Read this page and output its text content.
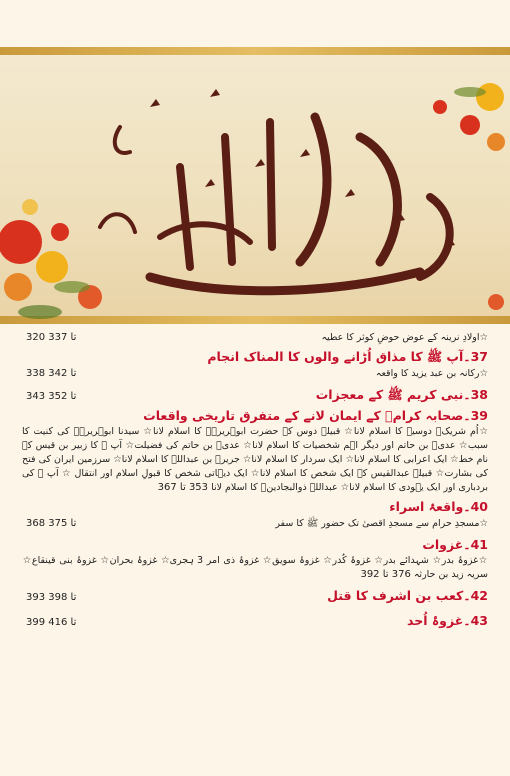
☆اولادِ نرینہ کے عوض حوضِ کوثر کا عطیہ
320 تا 337
37۔آپ ﷺ کا مذاق اُڑانے والوں کا المناک انجام
☆رکانہ بن عبد یزید کا واقعہ
338 تا 342
38۔نبی کریم ﷺ کے معجزات
343 تا 352
39۔صحابہ کرامؓ کے ایمان لانے کے متفرق تاریخی واقعات
☆اُم شریکؓ دوسیہ کا اسلام لانا☆ قبیلہ دوس کے حضرت ابوہریرہؓ کا اسلام لانا☆ سیدنا ابوہریرہؓ کی کنیت کا سبب☆ عدیؓ بن حاتم اور دیگر اہم شخصیات کا اسلام لانا☆ عدیؓ بن حاتم کی فضیلت☆ آپ ﷺ کا زبیر بن قیس کے نام خط☆ ایک اعرابی کا اسلام لانا☆ ایک سردار کا اسلام لانا☆ جریرؓ بن عبداللہ کا اسلام لانا☆ سرزمین ایران کی فتح کی بشارت☆ قبیلہ عبدالقیس کے ایک شخص کا اسلام لانا☆ ایک دیہاتی شخص کا قبولِ اسلام اور انتقال ☆ آپ ﷺ کی بردباری اور ایک یہودی کا اسلام لانا☆ عبداللہ ذوالبجادینؓ کا اسلام لانا 353 تا 367
40۔واقعۂ اسراء
☆مسجدِ حرام سے مسجدِ اقصیٰ تک حضور ﷺ کا سفر
368 تا 375
41۔غزوات
☆غزوۂ بدر☆ شہدائے بدر☆ غزوۂ کُدر☆ غزوۂ سویق☆ غزوۂ ذی امر 3 ہجری☆ غزوۂ بحران☆ غزوۂ بنی قینقاع☆ سریہ زید بن حارثہ 376 تا 392
42۔کعب بن اشرف کا قتل
393 تا 398
43۔غزوۂ اُحد
399 تا 416
